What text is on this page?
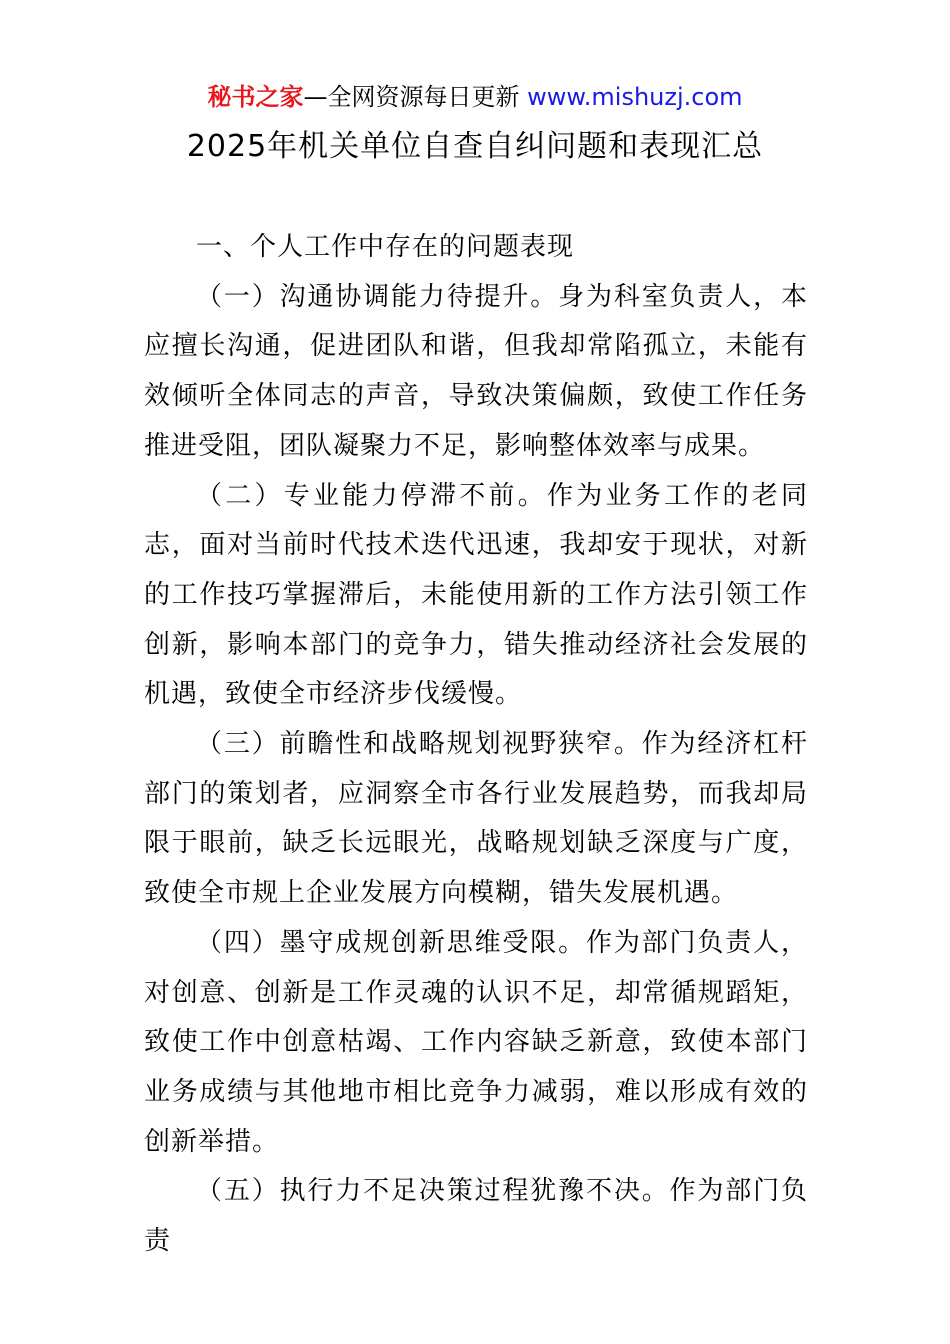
秘书之家—全网资源每日更新 www.mishuzj.com
2025年机关单位自查自纠问题和表现汇总

一、个人工作中存在的问题表现

（一）沟通协调能力待提升。身为科室负责人，本应擅长沟通，促进团队和谐，但我却常陷孤立，未能有效倾听全体同志的声音，导致决策偏颇，致使工作任务推进受阻，团队凝聚力不足，影响整体效率与成果。

（二）专业能力停滞不前。作为业务工作的老同志，面对当前时代技术迭代迅速，我却安于现状，对新的工作技巧掌握滞后，未能使用新的工作方法引领工作创新，影响本部门的竞争力，错失推动经济社会发展的机遇，致使全市经济步伐缓慢。

（三）前瞻性和战略规划视野狭窄。作为经济杠杆部门的策划者，应洞察全市各行业发展趋势，而我却局限于眼前，缺乏长远眼光，战略规划缺乏深度与广度，致使全市规上企业发展方向模糊，错失发展机遇。

（四）墨守成规创新思维受限。作为部门负责人，对创意、创新是工作灵魂的认识不足，却常循规蹈矩，致使工作中创意枯竭、工作内容缺乏新意，致使本部门业务成绩与其他地市相比竞争力减弱，难以形成有效的创新举措。

（五）执行力不足决策过程犹豫不决。作为部门负责
